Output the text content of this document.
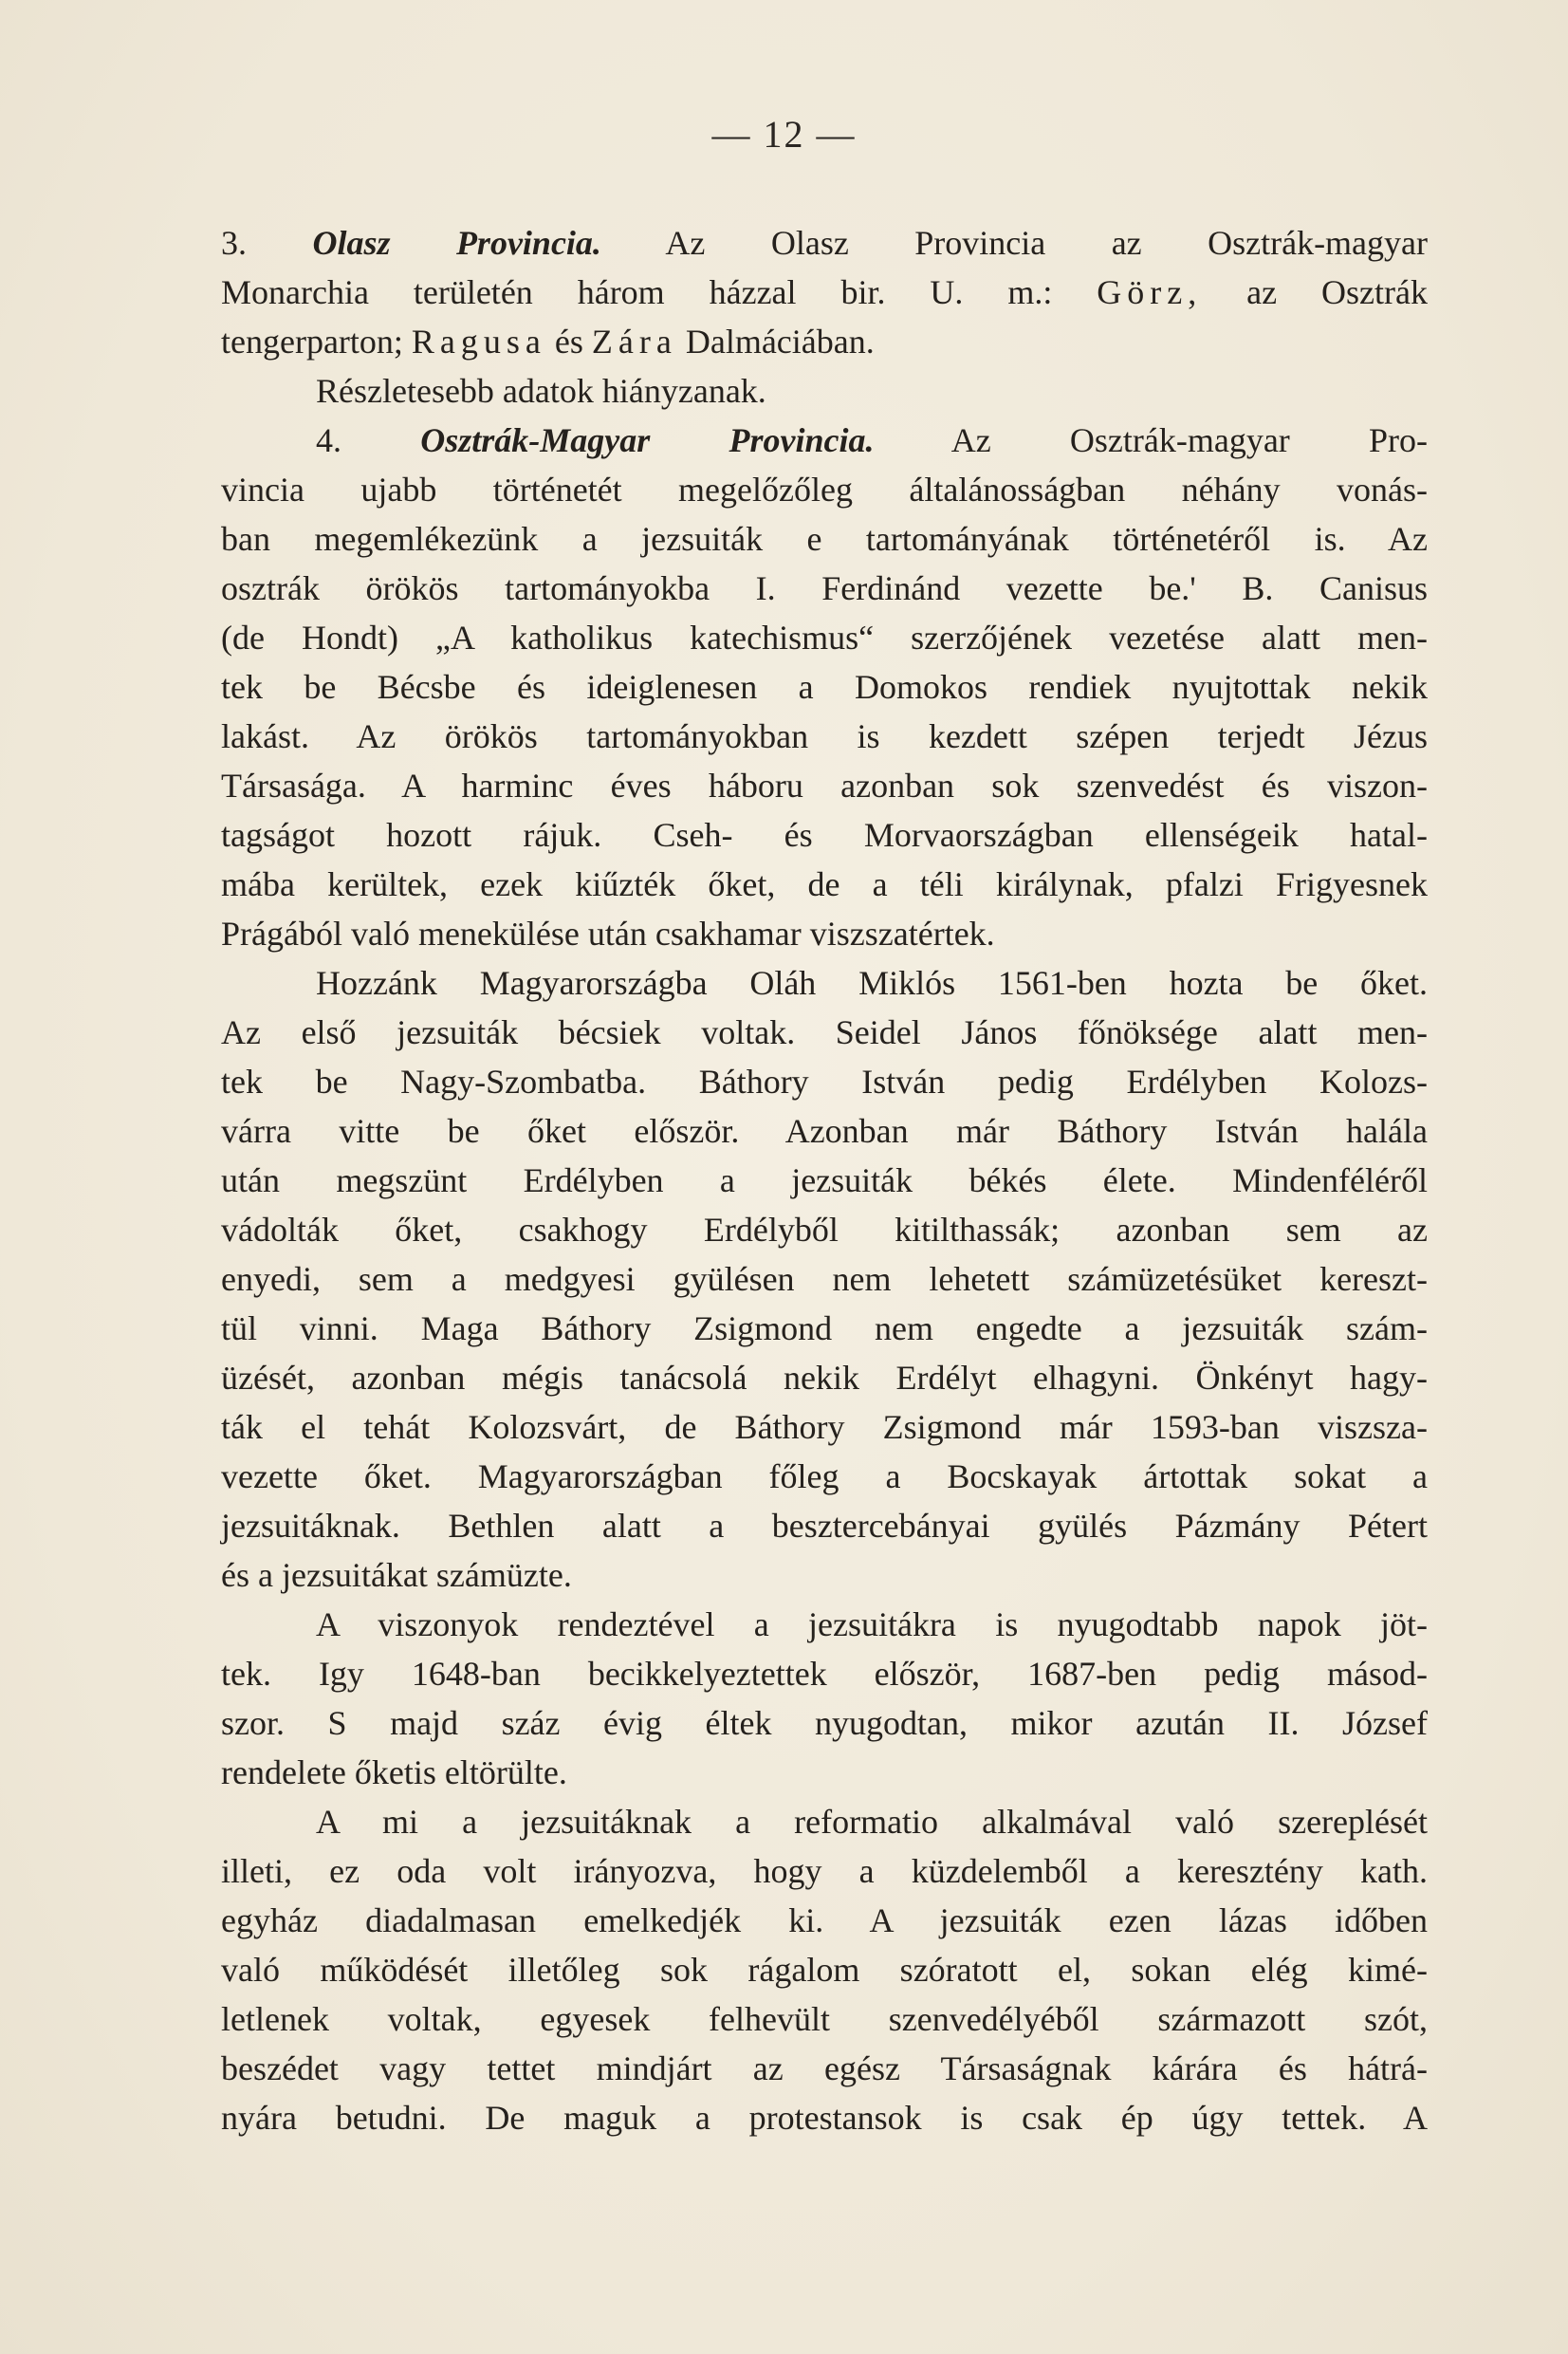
— 12 —
3. Olasz Provincia. Az Olasz Provincia az Osztrák-magyar
Monarchia területén három házzal bir. U. m.: Görz, az Osztrák
tengerparton; Ragusa és Zára Dalmáciában.
Részletesebb adatok hiányzanak.
4. Osztrák-Magyar Provincia. Az Osztrák-magyar Pro-
vincia ujabb történetét megelőzőleg általánosságban néhány vonás-
ban megemlékezünk a jezsuiták e tartományának történetéről is. Az
osztrák örökös tartományokba I. Ferdinánd vezette be.' B. Canisus
(de Hondt) „A katholikus katechismus“ szerzőjének vezetése alatt men-
tek be Bécsbe és ideiglenesen a Domokos rendiek nyujtottak nekik
lakást. Az örökös tartományokban is kezdett szépen terjedt Jézus
Társasága. A harminc éves háboru azonban sok szenvedést és viszon-
tagságot hozott rájuk. Cseh- és Morvaországban ellenségeik hatal-
mába kerültek, ezek kiűzték őket, de a téli királynak, pfalzi Frigyesnek
Prágából való menekülése után csakhamar viszszatértek.
Hozzánk Magyarországba Oláh Miklós 1561-ben hozta be őket.
Az első jezsuiták bécsiek voltak. Seidel János főnöksége alatt men-
tek be Nagy-Szombatba. Báthory István pedig Erdélyben Kolozs-
várra vitte be őket először. Azonban már Báthory István halála
után megszünt Erdélyben a jezsuiták békés élete. Mindenféléről
vádolták őket, csakhogy Erdélyből kitilthassák; azonban sem az
enyedi, sem a medgyesi gyülésen nem lehetett számüzetésüket kereszt-
tül vinni. Maga Báthory Zsigmond nem engedte a jezsuiták szám-
üzését, azonban mégis tanácsolá nekik Erdélyt elhagyni. Önkényt hagy-
ták el tehát Kolozsvárt, de Báthory Zsigmond már 1593-ban viszsza-
vezette őket. Magyarországban főleg a Bocskayak ártottak sokat a
jezsuitáknak. Bethlen alatt a besztercebányai gyülés Pázmány Pétert
és a jezsuitákat számüzte.
A viszonyok rendeztével a jezsuitákra is nyugodtabb napok jöt-
tek. Igy 1648-ban becikkelyeztettek először, 1687-ben pedig másod-
szor. S majd száz évig éltek nyugodtan, mikor azután II. József
rendelete őketis eltörülte.
A mi a jezsuitáknak a reformatio alkalmával való szereplését
illeti, ez oda volt irányozva, hogy a küzdelemből a keresztény kath.
egyház diadalmasan emelkedjék ki. A jezsuiták ezen lázas időben
való működését illetőleg sok rágalom szóratott el, sokan elég kimé-
letlenek voltak, egyesek felhevült szenvedélyéből származott szót,
beszédet vagy tettet mindjárt az egész Társaságnak kárára és hátrá-
nyára betudni. De maguk a protestansok is csak ép úgy tettek. A
